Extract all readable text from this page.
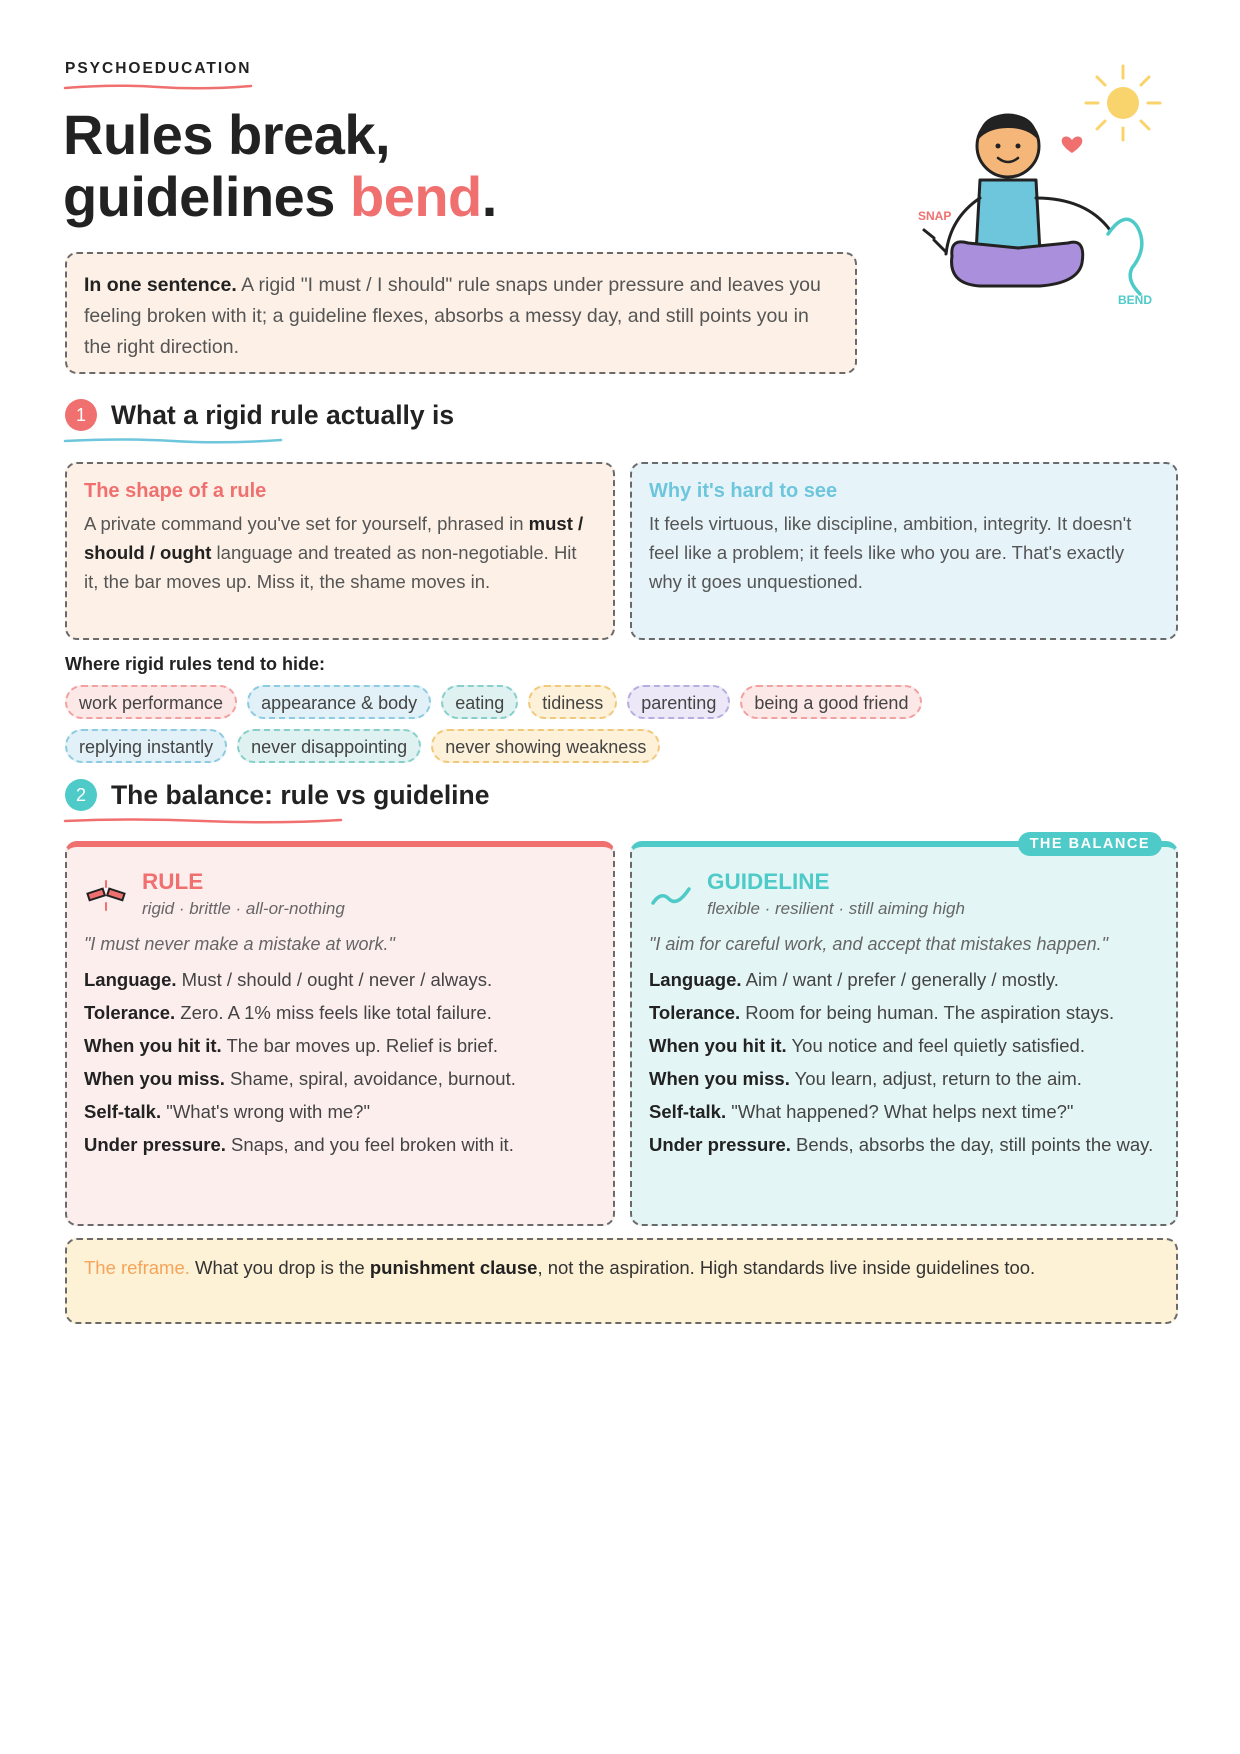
PSYCHOEDUCATION
Rules break,
guidelines bend.	SNAP
BEND
In one sentence. A rigid "I must / I should" rule snaps under pressure and leaves you feeling broken with it; a guideline flexes, absorbs a messy day, and still points you in the right direction.
1 What a rigid rule actually is
The shape of a rule
A private command you've set for yourself, phrased in must / should / ought language and treated as non-negotiable. Hit it, the bar moves up. Miss it, the shame moves in.
Why it's hard to see
It feels virtuous, like discipline, ambition, integrity. It doesn't feel like a problem; it feels like who you are. That's exactly why it goes unquestioned.
Where rigid rules tend to hide:
work performance	appearance & body	eating	tidiness	parenting	being a good friend
replying instantly	never disappointing	never showing weakness
2 The balance: rule vs guideline
RULE
rigid · brittle · all-or-nothing
"I must never make a mistake at work."
Language. Must / should / ought / never / always.
Tolerance. Zero. A 1% miss feels like total failure.
When you hit it. The bar moves up. Relief is brief.
When you miss. Shame, spiral, avoidance, burnout.
Self-talk. "What's wrong with me?"
Under pressure. Snaps, and you feel broken with it.
THE BALANCE
GUIDELINE
flexible · resilient · still aiming high
"I aim for careful work, and accept that mistakes happen."
Language. Aim / want / prefer / generally / mostly.
Tolerance. Room for being human. The aspiration stays.
When you hit it. You notice and feel quietly satisfied.
When you miss. You learn, adjust, return to the aim.
Self-talk. "What happened? What helps next time?"
Under pressure. Bends, absorbs the day, still points the way.
The reframe. What you drop is the punishment clause, not the aspiration. High standards live inside guidelines too.
